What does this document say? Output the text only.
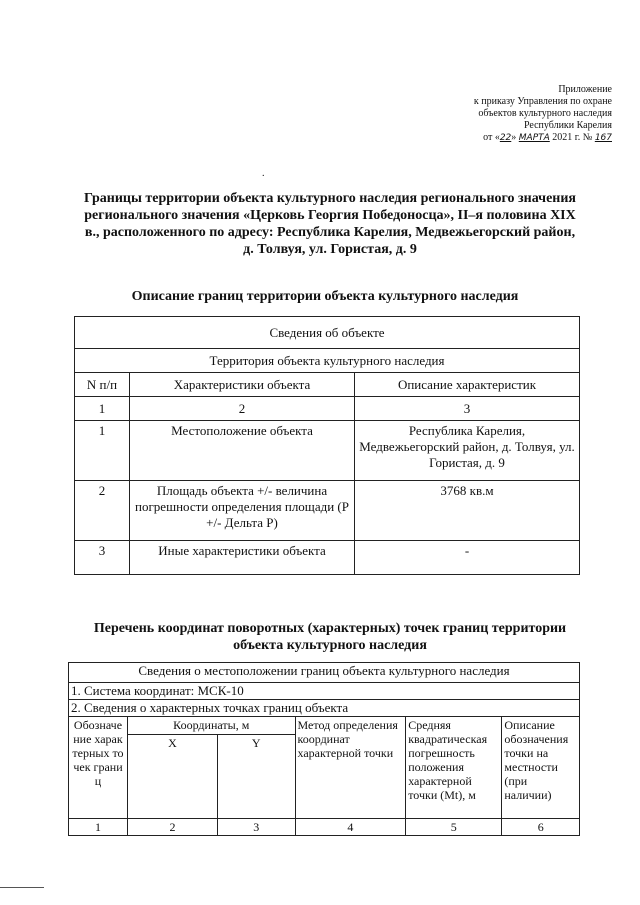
Приложение
к приказу Управления по охране
объектов культурного наследия
Республики Карелия
от «22» МАРТА 2021 г. № 167
.
Границы территории объекта культурного наследия регионального значения регионального значения «Церковь Георгия Победоносца», II–я половина XIX в., расположенного по адресу: Республика Карелия, Медвежьегорский район, д. Толвуя, ул. Гористая, д. 9
Описание границ территории объекта культурного наследия
Сведения об объекте		
Территория объекта культурного наследия		
N п/п	Характеристики объекта	Описание характеристик
1	2	3
1	Местоположение объекта	Республика Карелия, Медвежьегорский район, д. Толвуя, ул. Гористая, д. 9
2	Площадь объекта +/- величина погрешности определения площади (Р +/- Дельта Р)	3768 кв.м
3	Иные характеристики объекта	-
Перечень координат поворотных (характерных) точек границ территории объекта культурного наследия
Сведения о местоположении границ объекта культурного наследия					
1. Система координат: МСК-10					
2. Сведения о характерных точках границ объекта					
Обозначение характерных точек границ	Координаты, м		Метод определения координат характерной точки	Средняя квадратическая погрешность положения характерной точки (Mt), м	Описание обозначения точки на местности (при наличии)
	X	Y			
1	2	3	4	5	6
